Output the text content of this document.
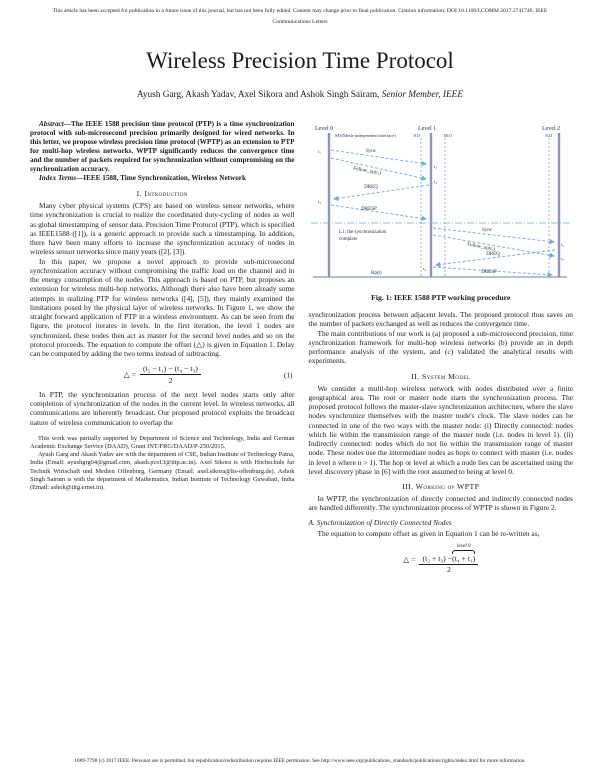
This article has been accepted for publication in a future issue of this journal, but has not been fully edited. Content may change prior to final publication. Citation information: DOI 10.1109/LCOMM.2017.2741746, IEEE
Communications Letters
Wireless Precision Time Protocol
Ayush Garg, Akash Yadav, Axel Sikora and Ashok Singh Sairam, Senior Member, IEEE

Abstract—The IEEE 1588 precision time protocol (PTP) is a time synchronization protocol with sub-microsecond precision primarily designed for wired networks. In this letter, we propose wireless precision time protocol (WPTP) as an extension to PTP for multi-hop wireless networks. WPTP significantly reduces the convergence time and the number of packets required for synchronization without compromising on the synchronization accuracy.

Index Terms—IEEE 1588, Time Synchronization, Wireless Network

I. Introduction

Many cyber physical systems (CPS) are based on wireless sensor networks, where time synchronization is crucial to realize the coordinated duty-cycling of nodes as well as global timestamping of sensor data. Precision Time Protocol (PTP), which is specified as IEEE1588 ([1]), is a generic approach to provide such a timestamping. In addition, there have been many efforts to increase the synchronization accuracy of nodes in wireless sensor networks since many years ([2], [3]).

In this paper, we propose a novel approach to provide sub-microsecond synchronization accuracy without compromising the traffic load on the channel and in the energy consumption of the nodes. This approach is based on PTP, but proposes an extension for wireless multi-hop networks. Although there also have been already some attempts in realizing PTP for wireless networks ([4], [5]), they mainly examined the limitations posed by the physical layer of wireless networks. In Figure 1, we show the straight forward application of PTP in a wireless environment. As can be seen from the figure, the protocol iterates in levels. In the first iteration, the level 1 nodes are synchronized, these nodes then act as master for the second level nodes and so on the protocol proceeds. The equation to compute the offset (△) is given in Equation 1. Delay can be computed by adding the two terms instead of subtracting.

△ = $\frac{\text{(t₂ − t₁) − (t₄ − t₃)}}{2}$	(1)

In PTP, the synchronization process of the next level nodes starts only after completion of synchronization of the nodes in the current level. In wireless networks, all communications are inherently broadcast. Our proposed protocol exploits the broadcast nature of wireless communication to overlap the

This work was partially supported by Department of Science and Technology, India and German Academic Exchange Service (DAAD), Grant INT/FRG/DAAD/P-250/2015.

Ayush Garg and Akash Yadav are with the department of CSE, Indian Institute of Technology Patna, India (Email: ayushgrg04@gmail.com, akash.pcs13@iitp.ac.in). Axel Sikora is with Hochschule fur Technik Wirtschaft und Medien Offenburg, Germany (Email: axel.sikora@hs-offenburg.de). Ashok Singh Sairam is with the department of Mathematics, Indian Institute of Technology Guwahati, India (Email: ashok@iitg.ernet.in).

Level 0	Level 1	Level 2
M1(Mesh-independent interface)	S11	M11	S21
Sync
Follow_up(t₁)
t₁
t₂
DREQ
t₃
t₄
DRESP
L1: the synchronization
complete
Sync
Follow_up(t₁)	t₂
DREQ
t₃
t₄
DRESP
Rp(t)
Fig. 1: IEEE 1588 PTP working procedure

synchronization process between adjacent levels. The proposed protocol thus saves on the number of packets exchanged as well as reduces the convergence time.

The main contributions of our work is (a) proposed a sub-microsecond precision, time synchronization framework for multi-hop wireless networks (b) provide an in depth performance analysis of the system, and (c) validated the analytical results with experiments.

II. System Model

We consider a multi-hop wireless network with nodes distributed over a finite geographical area. The root or master node starts the synchronization process. The proposed protocol follows the master-slave synchronization architecture, where the slave nodes synchronize themselves with the master node's clock. The slave nodes can be connected in one of the two ways with the master node: (i) Directly connected: nodes which lie within the transmission range of the master node (i.e. nodes in level 1). (ii) Indirectly connected: nodes which do not lie within the transmission range of master node. These nodes use the intermediate nodes as hops to connect with master (i.e. nodes in level n where n > 1). The hop or level at which a node lies can be ascertained using the level discovery phase in [6] with the root assumed to being at level 0.

III. Working of WPTP

In WPTP, the synchronization of directly connected and indirectly connected nodes are handled differently. The synchronization process of WPTP is shown in Figure 2.

A. Synchronization of Directly Connected Nodes

The equation to compute offset as given in Equation 1 can be re-written as,

△ = (t₂ + t₃) −
level 0
(t₄ + t₁)
2
1089-7798 (c) 2017 IEEE. Personal use is permitted, but republication/redistribution requires IEEE permission. See http://www.ieee.org/publications_standards/publications/rights/index.html for more information.
